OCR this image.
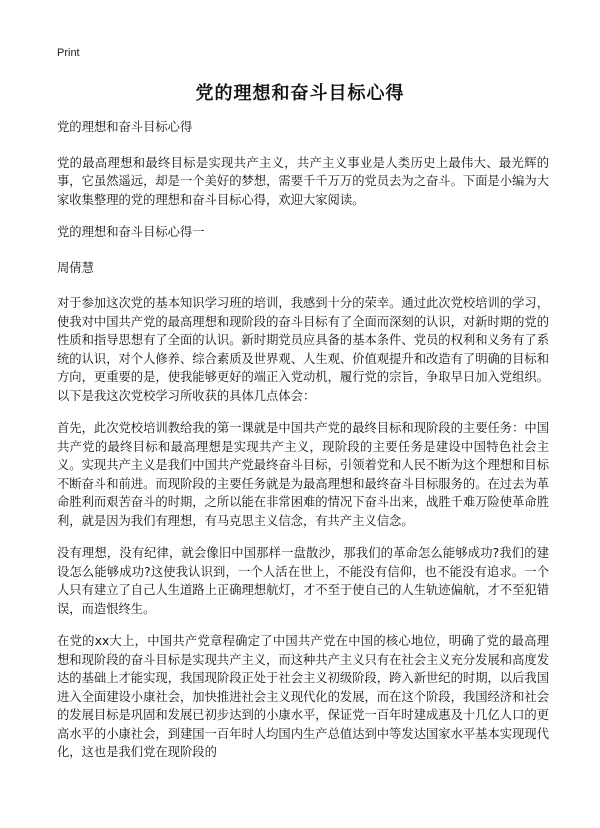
Print
党的理想和奋斗目标心得

党的理想和奋斗目标心得

党的最高理想和最终目标是实现共产主义，共产主义事业是人类历史上最伟大、最光辉的事，它虽然遥远，却是一个美好的梦想，需要千千万万的党员去为之奋斗。下面是小编为大家收集整理的党的理想和奋斗目标心得，欢迎大家阅读。

党的理想和奋斗目标心得一

周倩慧

对于参加这次党的基本知识学习班的培训，我感到十分的荣幸。通过此次党校培训的学习，使我对中国共产党的最高理想和现阶段的奋斗目标有了全面而深刻的认识，对新时期的党的性质和指导思想有了全面的认识。新时期党员应具备的基本条件、党员的权利和义务有了系统的认识，对个人修养、综合素质及世界观、人生观、价值观提升和改造有了明确的目标和方向，更重要的是，使我能够更好的端正入党动机，履行党的宗旨，争取早日加入党组织。以下是我这次党校学习所收获的具体几点体会：

首先，此次党校培训教给我的第一课就是中国共产党的最终目标和现阶段的主要任务：中国共产党的最终目标和最高理想是实现共产主义，现阶段的主要任务是建设中国特色社会主义。实现共产主义是我们中国共产党最终奋斗目标，引领着党和人民不断为这个理想和目标不断奋斗和前进。而现阶段的主要任务就是为最高理想和最终奋斗目标服务的。在过去为革命胜利而艰苦奋斗的时期，之所以能在非常困难的情况下奋斗出来，战胜千难万险使革命胜利，就是因为我们有理想，有马克思主义信念，有共产主义信念。

没有理想，没有纪律，就会像旧中国那样一盘散沙，那我们的革命怎么能够成功?我们的建设怎么能够成功?这使我认识到，一个人活在世上，不能没有信仰，也不能没有追求。一个人只有建立了自己人生道路上正确理想航灯，才不至于使自己的人生轨迹偏航，才不至犯错误，而造恨终生。

在党的xx大上，中国共产党章程确定了中国共产党在中国的核心地位，明确了党的最高理想和现阶段的奋斗目标是实现共产主义，而这种共产主义只有在社会主义充分发展和高度发达的基础上才能实现，我国现阶段正处于社会主义初级阶段，跨入新世纪的时期，以后我国进入全面建设小康社会，加快推进社会主义现代化的发展，而在这个阶段，我国经济和社会的发展目标是巩固和发展已初步达到的小康水平，保证党一百年时建成惠及十几亿人口的更高水平的小康社会，到建国一百年时人均国内生产总值达到中等发达国家水平基本实现现代化，这也是我们党在现阶段的
